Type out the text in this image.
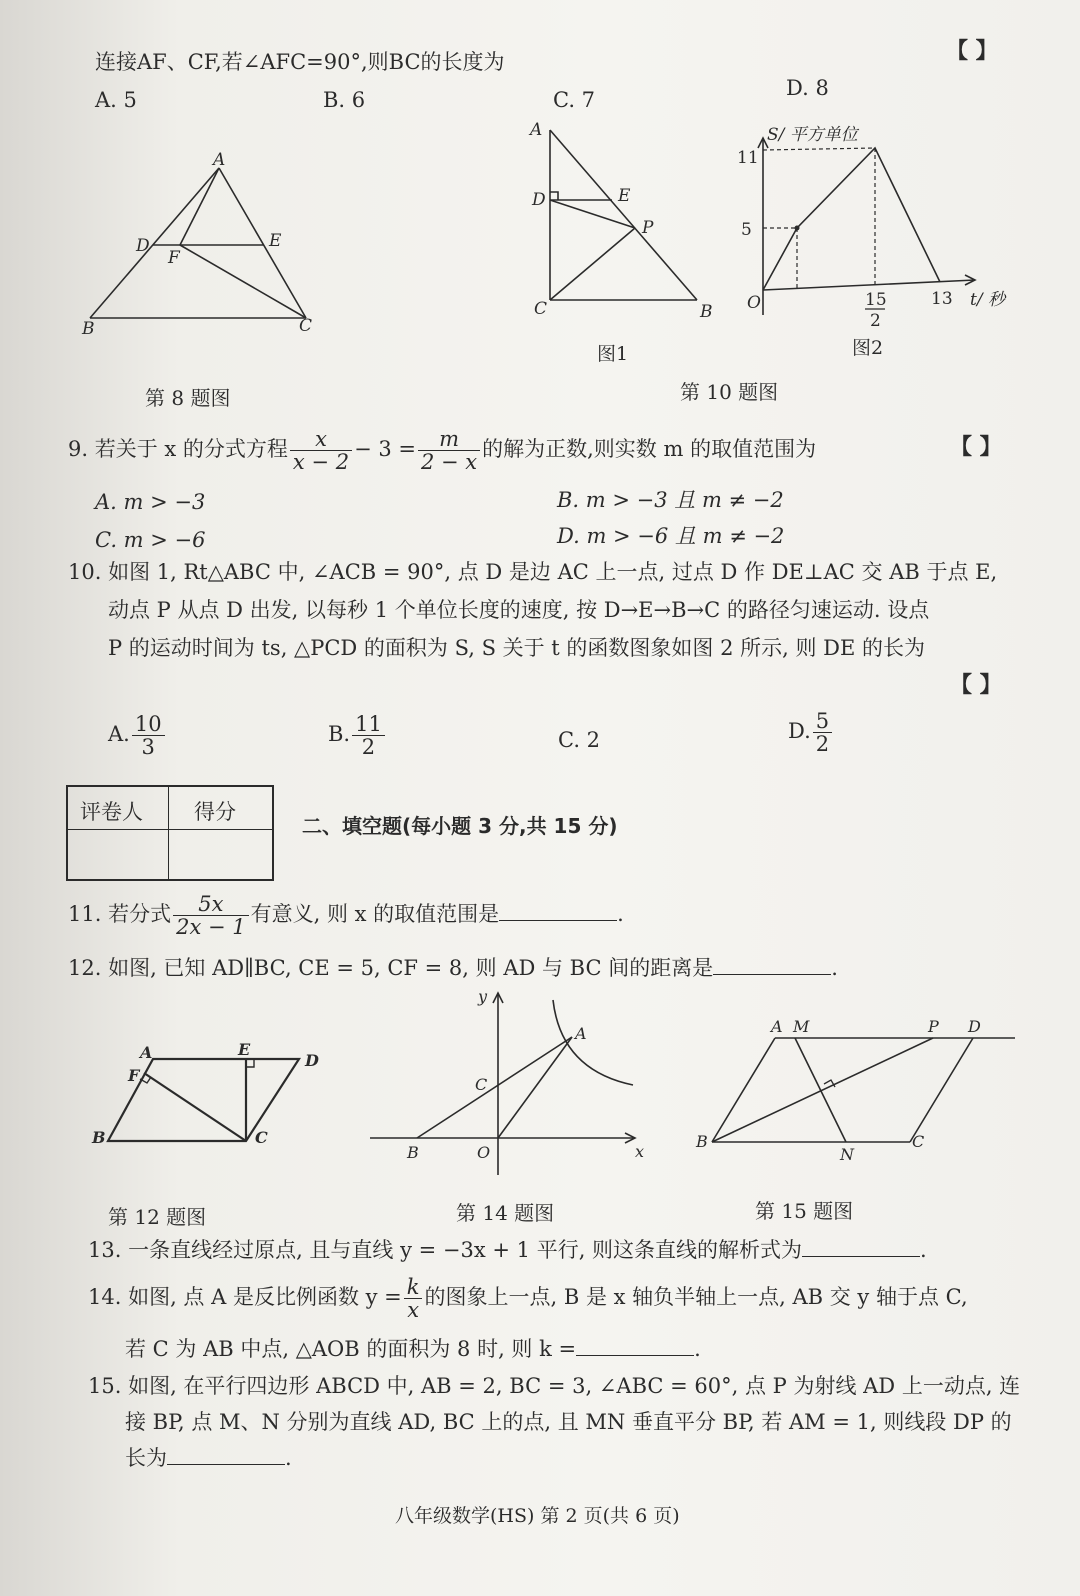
连接AF、CF,若∠AFC=90°,则BC的长度为	【 】
A. 5	B. 6	C. 7	D. 8
A
B	C
D	E
F
第 8 题图
A
D	E
P
C	B
图1
S/ 平方单位
11
5
O	15
2
13 t/ 秒
图2
第 10 题图
9. 若关于 x 的分式方程 $\frac{x}{x - 2} - 3 = \frac{m}{2 - x}$ 的解为正数,则实数 m 的取值范围为	【 】
A. m > −3	B. m > −3 且 m ≠ −2
C. m > −6	D. m > −6 且 m ≠ −2
10. 如图 1, Rt△ABC 中, ∠ACB = 90°, 点 D 是边 AC 上一点, 过点 D 作 DE⊥AC 交 AB 于点 E,
动点 P 从点 D 出发, 以每秒 1 个单位长度的速度, 按 D→E→B→C 的路径匀速运动. 设点
P 的运动时间为 ts, △PCD 的面积为 S, S 关于 t 的函数图象如图 2 所示, 则 DE 的长为
【 】
A. $\frac{10}{3}$	B. $\frac{11}{2}$	C. 2	D. $\frac{5}{2}$
评卷人 得分
二、填空题(每小题 3 分,共 15 分)
11. 若分式 $\frac{5x}{2x - 1}$ 有意义, 则 x 的取值范围是	.
12. 如图, 已知 AD∥BC, CE = 5, CF = 8, 则 AD 与 BC 间的距离是	.
A	E
D
F
B	C
第 12 题图
y
A
C
B	O	x
第 14 题图
A M	P D
B
N
C
第 15 题图
13. 一条直线经过原点, 且与直线 y = −3x + 1 平行, 则这条直线的解析式为	.
14. 如图, 点 A 是反比例函数 $y = \frac{k}{x}$ 的图象上一点, B 是 x 轴负半轴上一点, AB 交 y 轴于点 C,
若 C 为 AB 中点, △AOB 的面积为 8 时, 则 k =	.
15. 如图, 在平行四边形 ABCD 中, AB = 2, BC = 3, ∠ABC = 60°, 点 P 为射线 AD 上一动点, 连
接 BP, 点 M、N 分别为直线 AD, BC 上的点, 且 MN 垂直平分 BP, 若 AM = 1, 则线段 DP 的
长为	.
八年级数学(HS) 第 2 页(共 6 页)
